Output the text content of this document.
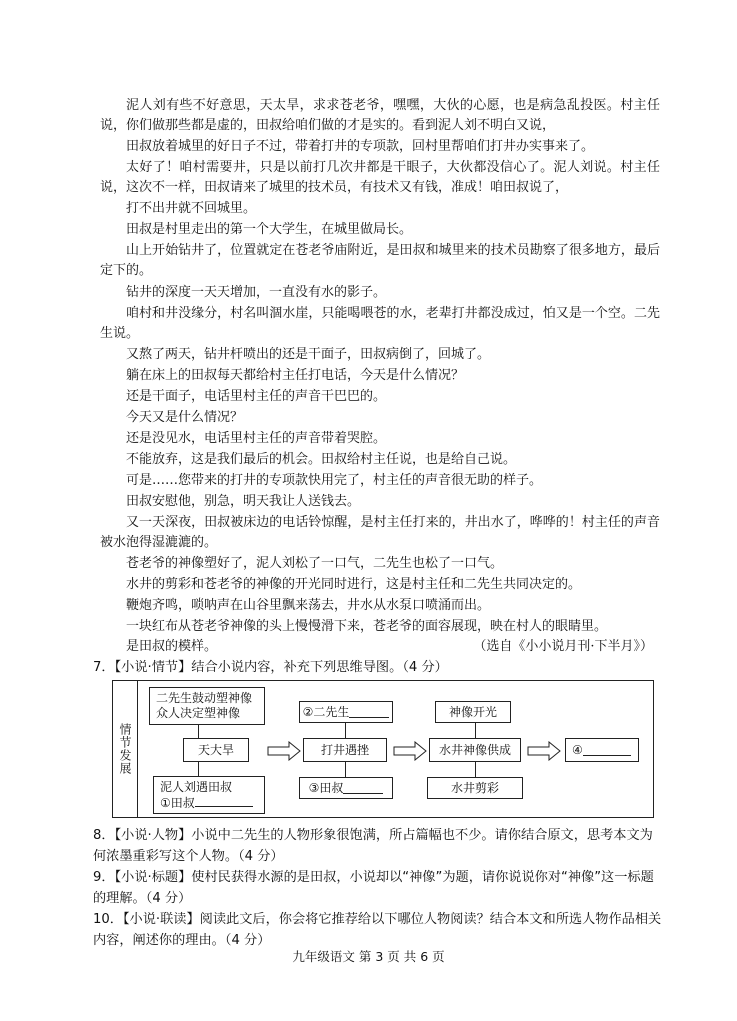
泥人刘有些不好意思，天太旱，求求苍老爷，嘿嘿，大伙的心愿，也是病急乱投医。村主任说，你们做那些都是虚的，田叔给咱们做的才是实的。看到泥人刘不明白又说，

田叔放着城里的好日子不过，带着打井的专项款，回村里帮咱们打井办实事来了。

太好了！咱村需要井，只是以前打几次井都是干眼子，大伙都没信心了。泥人刘说。村主任说，这次不一样，田叔请来了城里的技术员，有技术又有钱，准成！咱田叔说了，

打不出井就不回城里。

田叔是村里走出的第一个大学生，在城里做局长。

山上开始钻井了，位置就定在苍老爷庙附近，是田叔和城里来的技术员勘察了很多地方，最后定下的。

钻井的深度一天天增加，一直没有水的影子。

咱村和井没缘分，村名叫涸水崖，只能喝喂苍的水，老辈打井都没成过，怕又是一个空。二先生说。

又熬了两天，钻井杆喷出的还是干面子，田叔病倒了，回城了。

躺在床上的田叔每天都给村主任打电话，今天是什么情况？

还是干面子，电话里村主任的声音干巴巴的。

今天又是什么情况？

还是没见水，电话里村主任的声音带着哭腔。

不能放弃，这是我们最后的机会。田叔给村主任说，也是给自己说。

可是……您带来的打井的专项款快用完了，村主任的声音很无助的样子。

田叔安慰他，别急，明天我让人送钱去。

又一天深夜，田叔被床边的电话铃惊醒，是村主任打来的，井出水了，哗哗的！村主任的声音被水泡得湿漉漉的。

苍老爷的神像塑好了，泥人刘松了一口气，二先生也松了一口气。

水井的剪彩和苍老爷的神像的开光同时进行，这是村主任和二先生共同决定的。

鞭炮齐鸣，唢呐声在山谷里飘来荡去，井水从水泵口喷涌而出。

一块红布从苍老爷神像的头上慢慢滑下来，苍老爷的面容展现，映在村人的眼睛里。

是田叔的模样。	（选自《小小说月刊·下半月》）

7．【小说·情节】结合小说内容，补充下列思维导图。（4 分）

情节发展
二先生鼓动塑神像
众人决定塑神像
天大旱
泥人刘遇田叔
①田叔
②二先生
打井遇挫
③田叔
神像开光
水井神像供成
水井剪彩
④

8．【小说·人物】小说中二先生的人物形象很饱满，所占篇幅也不少。请你结合原文，思考本文为何浓墨重彩写这个人物。（4 分）

9．【小说·标题】使村民获得水源的是田叔，小说却以“神像”为题，请你说说你对“神像”这一标题的理解。（4 分）

10．【小说·联读】阅读此文后，你会将它推荐给以下哪位人物阅读？结合本文和所选人物作品相关内容，阐述你的理由。（4 分）

九年级语文 第 3 页 共 6 页
